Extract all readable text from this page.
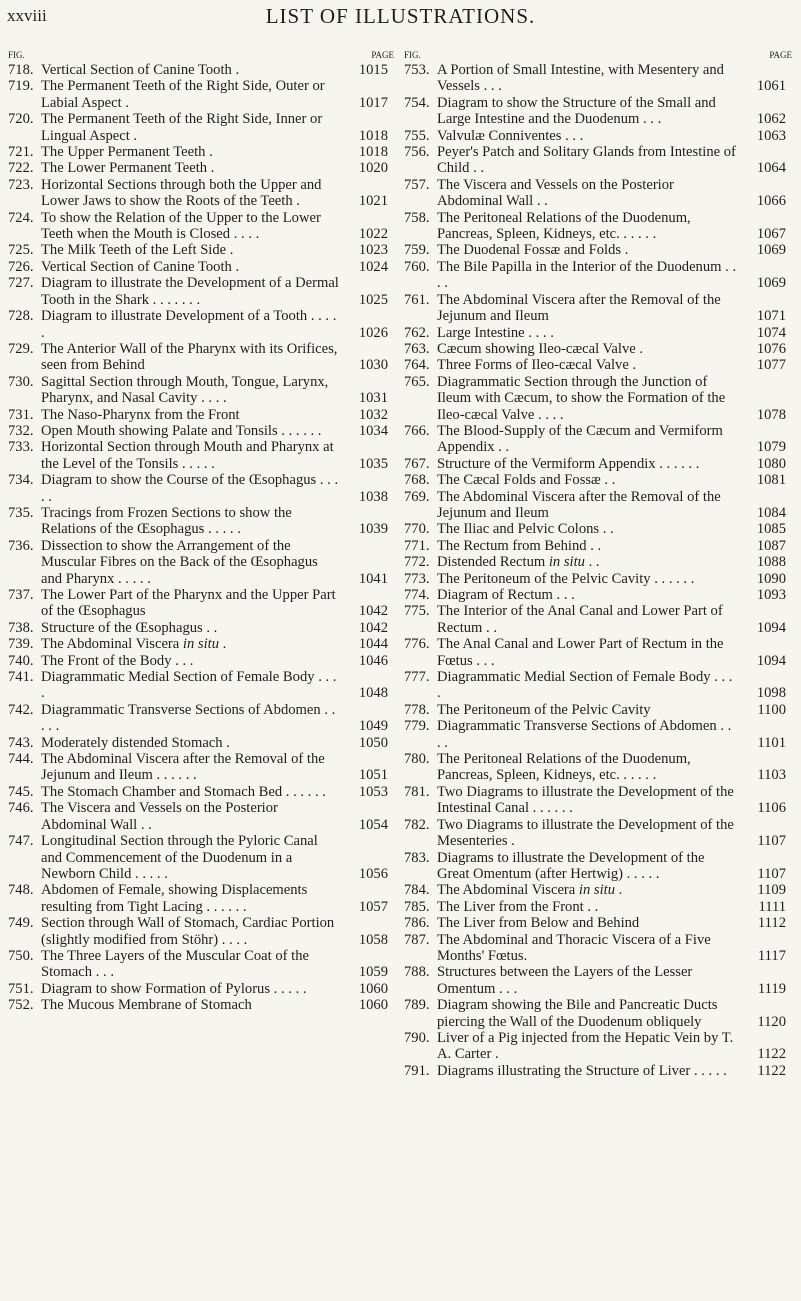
xxviii	LIST OF ILLUSTRATIONS.
FIG.	PAGE
718. Vertical Section of Canine Tooth .	1015
719. The Permanent Teeth of the Right Side, Outer or Labial Aspect .	1017
720. The Permanent Teeth of the Right Side, Inner or Lingual Aspect .	1018
721. The Upper Permanent Teeth .	1018
722. The Lower Permanent Teeth .	1020
723. Horizontal Sections through both the Upper and Lower Jaws to show the Roots of the Teeth .	1021
724. To show the Relation of the Upper to the Lower Teeth when the Mouth is Closed . . . .	1022
725. The Milk Teeth of the Left Side .	1023
726. Vertical Section of Canine Tooth .	1024
727. Diagram to illustrate the Development of a Dermal Tooth in the Shark . . . . . . .	1025
728. Diagram to illustrate Development of a Tooth . . . . .	1026
729. The Anterior Wall of the Pharynx with its Orifices, seen from Behind	1030
730. Sagittal Section through Mouth, Tongue, Larynx, Pharynx, and Nasal Cavity . . . .	1031
731. The Naso-Pharynx from the Front	1032
732. Open Mouth showing Palate and Tonsils . . . . . .	1034
733. Horizontal Section through Mouth and Pharynx at the Level of the Tonsils . . . . .	1035
734. Diagram to show the Course of the Œsophagus . . . . .	1038
735. Tracings from Frozen Sections to show the Relations of the Œsophagus . . . . .	1039
736. Dissection to show the Arrangement of the Muscular Fibres on the Back of the Œsophagus and Pharynx . . . . .	1041
737. The Lower Part of the Pharynx and the Upper Part of the Œsophagus	1042
738. Structure of the Œsophagus . .	1042
739. The Abdominal Viscera in situ .	1044
740. The Front of the Body . . .	1046
741. Diagrammatic Medial Section of Female Body . . . .	1048
742. Diagrammatic Transverse Sections of Abdomen . . . . .	1049
743. Moderately distended Stomach .	1050
744. The Abdominal Viscera after the Removal of the Jejunum and Ileum . . . . . .	1051
745. The Stomach Chamber and Stomach Bed . . . . . .	1053
746. The Viscera and Vessels on the Posterior Abdominal Wall . .	1054
747. Longitudinal Section through the Pyloric Canal and Commencement of the Duodenum in a Newborn Child . . . . .	1056
748. Abdomen of Female, showing Displacements resulting from Tight Lacing . . . . . .	1057
749. Section through Wall of Stomach, Cardiac Portion (slightly modified from Stöhr) . . . .	1058
750. The Three Layers of the Muscular Coat of the Stomach . . .	1059
751. Diagram to show Formation of Pylorus . . . . .	1060
752. The Mucous Membrane of Stomach	1060
FIG.	PAGE
753. A Portion of Small Intestine, with Mesentery and Vessels . . .	1061
754. Diagram to show the Structure of the Small and Large Intestine and the Duodenum . . .	1062
755. Valvulæ Conniventes . . .	1063
756. Peyer's Patch and Solitary Glands from Intestine of Child . .	1064
757. The Viscera and Vessels on the Posterior Abdominal Wall . .	1066
758. The Peritoneal Relations of the Duodenum, Pancreas, Spleen, Kidneys, etc. . . . . .	1067
759. The Duodenal Fossæ and Folds .	1069
760. The Bile Papilla in the Interior of the Duodenum . . . .	1069
761. The Abdominal Viscera after the Removal of the Jejunum and Ileum	1071
762. Large Intestine . . . .	1074
763. Cæcum showing Ileo-cæcal Valve .	1076
764. Three Forms of Ileo-cæcal Valve .	1077
765. Diagrammatic Section through the Junction of Ileum with Cæcum, to show the Formation of the Ileo-cæcal Valve . . . .	1078
766. The Blood-Supply of the Cæcum and Vermiform Appendix . .	1079
767. Structure of the Vermiform Appendix . . . . . .	1080
768. The Cæcal Folds and Fossæ . .	1081
769. The Abdominal Viscera after the Removal of the Jejunum and Ileum	1084
770. The Iliac and Pelvic Colons . .	1085
771. The Rectum from Behind . .	1087
772. Distended Rectum in situ . .	1088
773. The Peritoneum of the Pelvic Cavity . . . . . .	1090
774. Diagram of Rectum . . .	1093
775. The Interior of the Anal Canal and Lower Part of Rectum . .	1094
776. The Anal Canal and Lower Part of Rectum in the Fœtus . . .	1094
777. Diagrammatic Medial Section of Female Body . . . .	1098
778. The Peritoneum of the Pelvic Cavity	1100
779. Diagrammatic Transverse Sections of Abdomen . . . .	1101
780. The Peritoneal Relations of the Duodenum, Pancreas, Spleen, Kidneys, etc. . . . . .	1103
781. Two Diagrams to illustrate the Development of the Intestinal Canal . . . . . .	1106
782. Two Diagrams to illustrate the Development of the Mesenteries .	1107
783. Diagrams to illustrate the Development of the Great Omentum (after Hertwig) . . . . .	1107
784. The Abdominal Viscera in situ .	1109
785. The Liver from the Front . .	1111
786. The Liver from Below and Behind	1112
787. The Abdominal and Thoracic Viscera of a Five Months' Fœtus.	1117
788. Structures between the Layers of the Lesser Omentum . . .	1119
789. Diagram showing the Bile and Pancreatic Ducts piercing the Wall of the Duodenum obliquely	1120
790. Liver of a Pig injected from the Hepatic Vein by T. A. Carter .	1122
791. Diagrams illustrating the Structure of Liver . . . . .	1122
